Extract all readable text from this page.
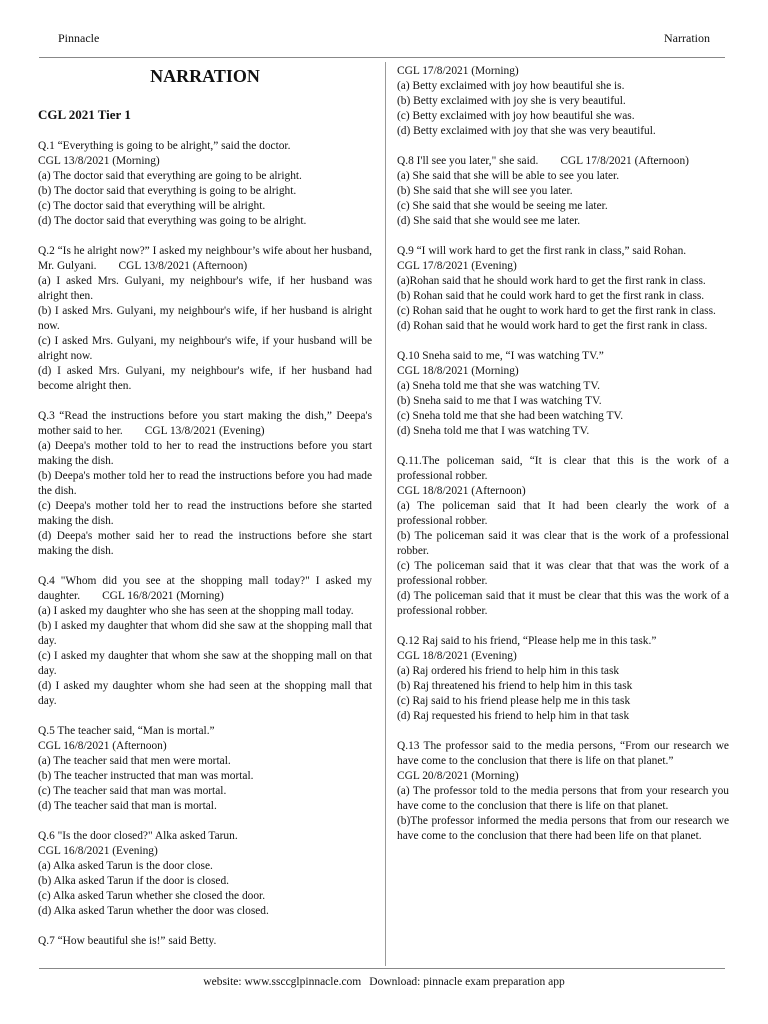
Pinnacle	Narration
NARRATION
CGL 2021 Tier 1

Q.1 “Everything is going to be alright,” said the doctor.

CGL 13/8/2021 (Morning)

(a) The doctor said that everything are going to be alright.

(b) The doctor said that everything is going to be alright.

(c) The doctor said that everything will be alright.

(d) The doctor said that everything was going to be alright.

Q.2 “Is he alright now?” I asked my neighbour’s wife about her husband, Mr. Gulyani. CGL 13/8/2021 (Afternoon)

(a) I asked Mrs. Gulyani, my neighbour's wife, if her husband was alright then.

(b) I asked Mrs. Gulyani, my neighbour's wife, if her husband is alright now.

(c) I asked Mrs. Gulyani, my neighbour's wife, if your husband will be alright now.

(d) I asked Mrs. Gulyani, my neighbour's wife, if her husband had become alright then.

Q.3 “Read the instructions before you start making the dish,” Deepa's mother said to her. CGL 13/8/2021 (Evening)

(a) Deepa's mother told to her to read the instructions before you start making the dish.

(b) Deepa's mother told her to read the instructions before you had made the dish.

(c) Deepa's mother told her to read the instructions before she started making the dish.

(d) Deepa's mother said her to read the instructions before she start making the dish.

Q.4 "Whom did you see at the shopping mall today?" I asked my daughter. CGL 16/8/2021 (Morning)

(a) I asked my daughter who she has seen at the shopping mall today.

(b) I asked my daughter that whom did she saw at the shopping mall that day.

(c) I asked my daughter that whom she saw at the shopping mall on that day.

(d) I asked my daughter whom she had seen at the shopping mall that day.

Q.5 The teacher said, “Man is mortal.”

CGL 16/8/2021 (Afternoon)

(a) The teacher said that men were mortal.

(b) The teacher instructed that man was mortal.

(c) The teacher said that man was mortal.

(d) The teacher said that man is mortal.

Q.6 "Is the door closed?" Alka asked Tarun.

CGL 16/8/2021 (Evening)

(a) Alka asked Tarun is the door close.

(b) Alka asked Tarun if the door is closed.

(c) Alka asked Tarun whether she closed the door.

(d) Alka asked Tarun whether the door was closed.

Q.7 “How beautiful she is!” said Betty.

CGL 17/8/2021 (Morning)

(a) Betty exclaimed with joy how beautiful she is.

(b) Betty exclaimed with joy she is very beautiful.

(c) Betty exclaimed with joy how beautiful she was.

(d) Betty exclaimed with joy that she was very beautiful.

Q.8 I'll see you later," she said. CGL 17/8/2021 (Afternoon)

(a) She said that she will be able to see you later.

(b) She said that she will see you later.

(c) She said that she would be seeing me later.

(d) She said that she would see me later.

Q.9 “I will work hard to get the first rank in class,” said Rohan.

CGL 17/8/2021 (Evening)

(a)Rohan said that he should work hard to get the first rank in class.

(b) Rohan said that he could work hard to get the first rank in class.

(c) Rohan said that he ought to work hard to get the first rank in class.

(d) Rohan said that he would work hard to get the first rank in class.

Q.10 Sneha said to me, “I was watching TV.”

CGL 18/8/2021 (Morning)

(a) Sneha told me that she was watching TV.

(b) Sneha said to me that I was watching TV.

(c) Sneha told me that she had been watching TV.

(d) Sneha told me that I was watching TV.

Q.11.The policeman said, “It is clear that this is the work of a professional robber.

CGL 18/8/2021 (Afternoon)

(a) The policeman said that It had been clearly the work of a professional robber.

(b) The policeman said it was clear that is the work of a professional robber.

(c) The policeman said that it was clear that that was the work of a professional robber.

(d) The policeman said that it must be clear that this was the work of a professional robber.

Q.12 Raj said to his friend, “Please help me in this task.”

CGL 18/8/2021 (Evening)

(a) Raj ordered his friend to help him in this task

(b) Raj threatened his friend to help him in this task

(c) Raj said to his friend please help me in this task

(d) Raj requested his friend to help him in that task

Q.13 The professor said to the media persons, “From our research we have come to the conclusion that there is life on that planet.”

CGL 20/8/2021 (Morning)

(a) The professor told to the media persons that from your research you have come to the conclusion that there is life on that planet.

(b)The professor informed the media persons that from our research we have come to the conclusion that there had been life on that planet.

website: www.ssccglpinnacle.com Download: pinnacle exam preparation app
